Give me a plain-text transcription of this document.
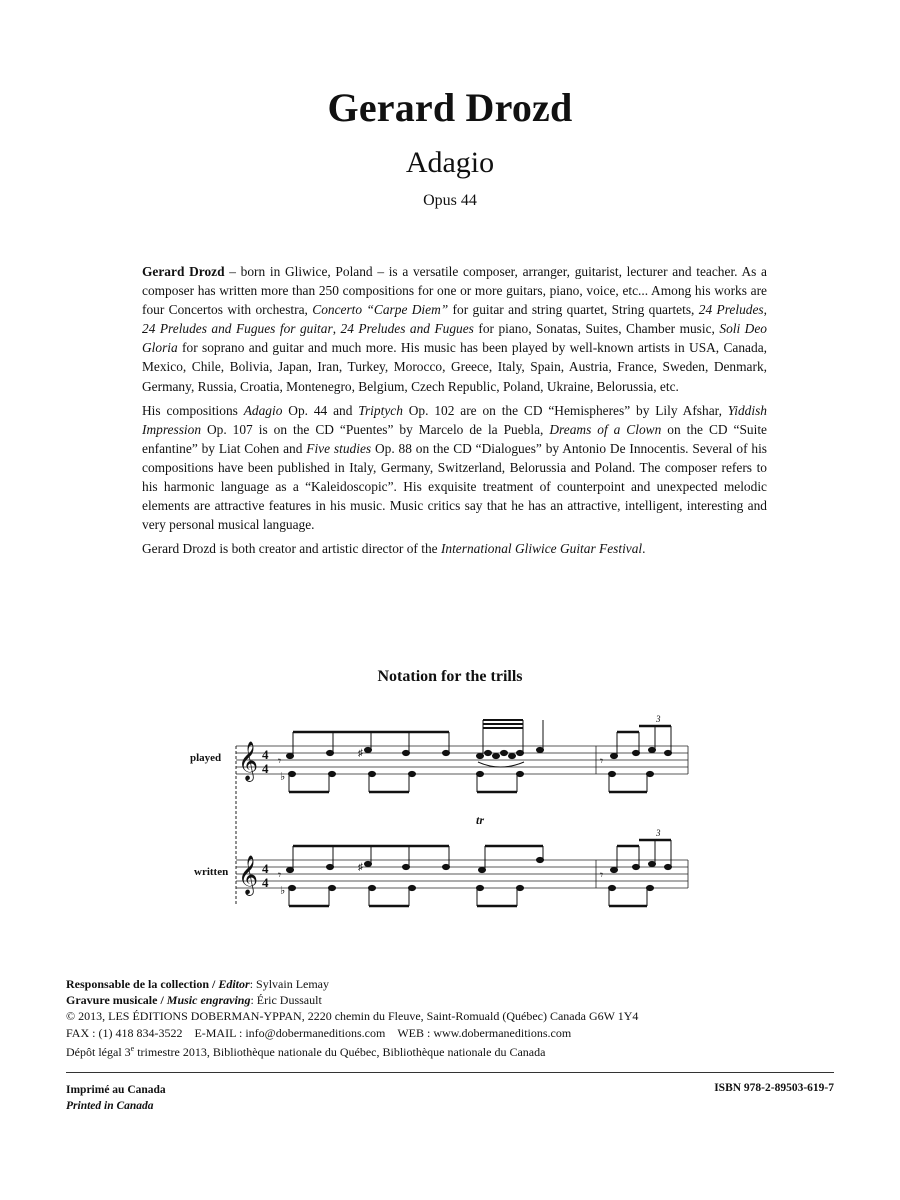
Gerard Drozd
Adagio
Opus 44

Gerard Drozd – born in Gliwice, Poland – is a versatile composer, arranger, guitarist, lecturer and teacher. As a composer has written more than 250 compositions for one or more guitars, piano, voice, etc... Among his works are four Concertos with orchestra, Concerto “Carpe Diem” for guitar and string quartet, String quartets, 24 Preludes, 24 Preludes and Fugues for guitar, 24 Preludes and Fugues for piano, Sonatas, Suites, Chamber music, Soli Deo Gloria for soprano and guitar and much more. His music has been played by well-known artists in USA, Canada, Mexico, Chile, Bolivia, Japan, Iran, Turkey, Morocco, Greece, Italy, Spain, Austria, France, Sweden, Denmark, Germany, Russia, Croatia, Montenegro, Belgium, Czech Republic, Poland, Ukraine, Belorussia, etc.

His compositions Adagio Op. 44 and Triptych Op. 102 are on the CD “Hemispheres” by Lily Afshar, Yiddish Impression Op. 107 is on the CD “Puentes” by Marcelo de la Puebla, Dreams of a Clown on the CD “Suite enfantine” by Liat Cohen and Five studies Op. 88 on the CD “Dialogues” by Antonio De Innocentis. Several of his compositions have been published in Italy, Germany, Switzerland, Belorussia and Poland. The composer refers to his harmonic language as a “Kaleidoscopic”. His exquisite treatment of counterpoint and unexpected melodic elements are attractive features in his music. Music critics say that he has an attractive, intelligent, interesting and very personal musical language.

Gerard Drozd is both creator and artistic director of the International Gliwice Guitar Festival.

Notation for the trills
played
written
𝄞
𝄞
4
4
4
4
♯
3
𝄾	𝄾
♭
♯
tr
3
𝄾	𝄾
♭
Responsable de la collection / Editor: Sylvain Lemay
Gravure musicale / Music engraving: Éric Dussault
© 2013, LES ÉDITIONS DOBERMAN-YPPAN, 2220 chemin du Fleuve, Saint-Romuald (Québec) Canada G6W 1Y4
FAX : (1) 418 834-3522 E-MAIL : info@dobermaneditions.com WEB : www.dobermaneditions.com
Dépôt légal 3e trimestre 2013, Bibliothèque nationale du Québec, Bibliothèque nationale du Canada
Imprimé au Canada
Printed in Canada
ISBN 978-2-89503-619-7
